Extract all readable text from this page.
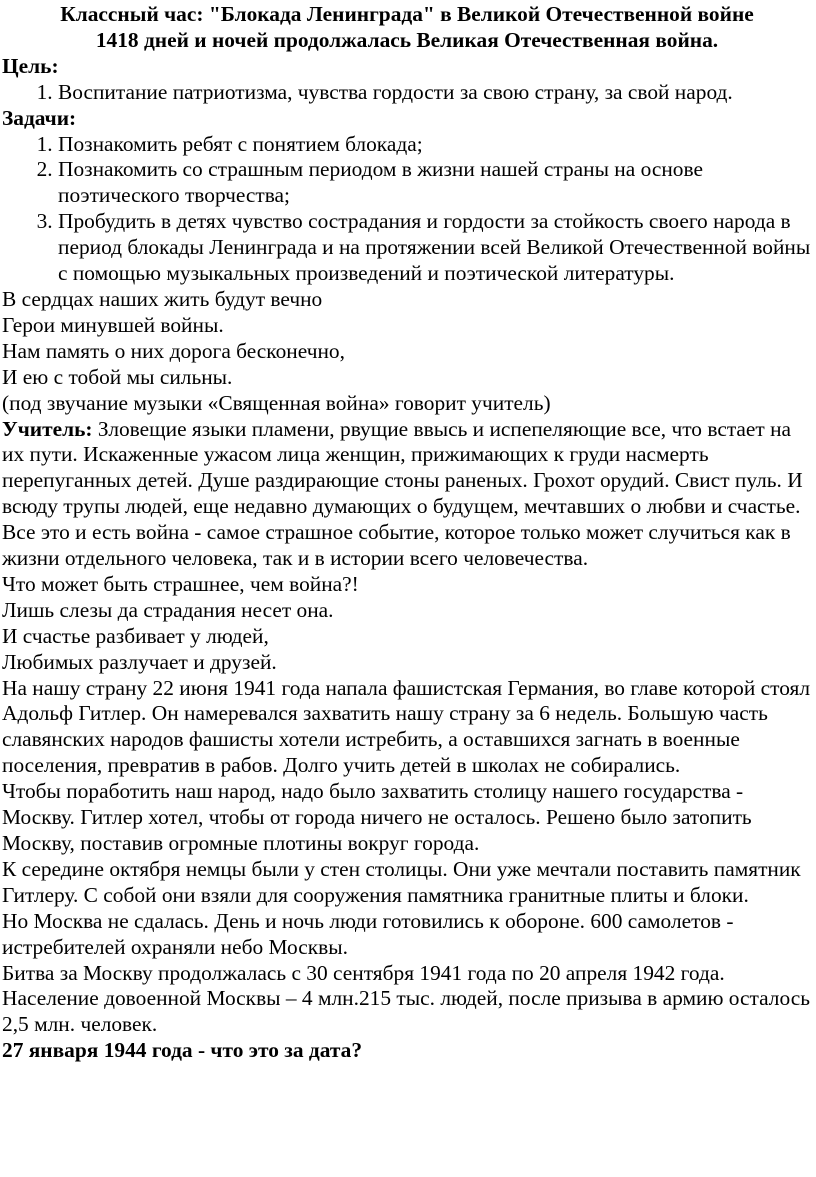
Классный час: "Блокада Ленинграда" в Великой Отечественной войне

1418 дней и ночей продолжалась Великая Отечественная война.

Цель:

1. Воспитание патриотизма, чувства гордости за свою страну, за свой народ.

Задачи:

1. Познакомить ребят с понятием блокада;
2. Познакомить со страшным периодом в жизни нашей страны на основе поэтического творчества;
3. Пробудить в детях чувство сострадания и гордости за стойкость своего народа в период блокады Ленинграда и на протяжении всей Великой Отечественной войны с помощью музыкальных произведений и поэтической литературы.

В сердцах наших жить будут вечно

Герои минувшей войны.

Нам память о них дорога бесконечно,

И ею с тобой мы сильны.

(под звучание музыки «Священная война» говорит учитель)

Учитель: Зловещие языки пламени, рвущие ввысь и испепеляющие все, что встает на их пути. Искаженные ужасом лица женщин, прижимающих к груди насмерть перепуганных детей. Душе раздирающие стоны раненых. Грохот орудий. Свист пуль. И всюду трупы людей, еще недавно думающих о будущем, мечтавших о любви и счастье.

Все это и есть война - самое страшное событие, которое только может случиться как в жизни отдельного человека, так и в истории всего человечества.

Что может быть страшнее, чем война?!

Лишь слезы да страдания несет она.

И счастье разбивает у людей,

Любимых разлучает и друзей.

На нашу страну 22 июня 1941 года напала фашистская Германия, во главе которой стоял Адольф Гитлер. Он намеревался захватить нашу страну за 6 недель. Большую часть славянских народов фашисты хотели истребить, а оставшихся загнать в военные поселения, превратив в рабов. Долго учить детей в школах не собирались.

Чтобы поработить наш народ, надо было захватить столицу нашего государства - Москву. Гитлер хотел, чтобы от города ничего не осталось. Решено было затопить Москву, поставив огромные плотины вокруг города.

К середине октября немцы были у стен столицы. Они уже мечтали поставить памятник Гитлеру. С собой они взяли для сооружения памятника гранитные плиты и блоки.

Но Москва не сдалась. День и ночь люди готовились к обороне. 600 самолетов - истребителей охраняли небо Москвы.

Битва за Москву продолжалась с 30 сентября 1941 года по 20 апреля 1942 года. Население довоенной Москвы – 4 млн.215 тыс. людей, после призыва в армию осталось 2,5 млн. человек.

27 января 1944 года - что это за дата?
